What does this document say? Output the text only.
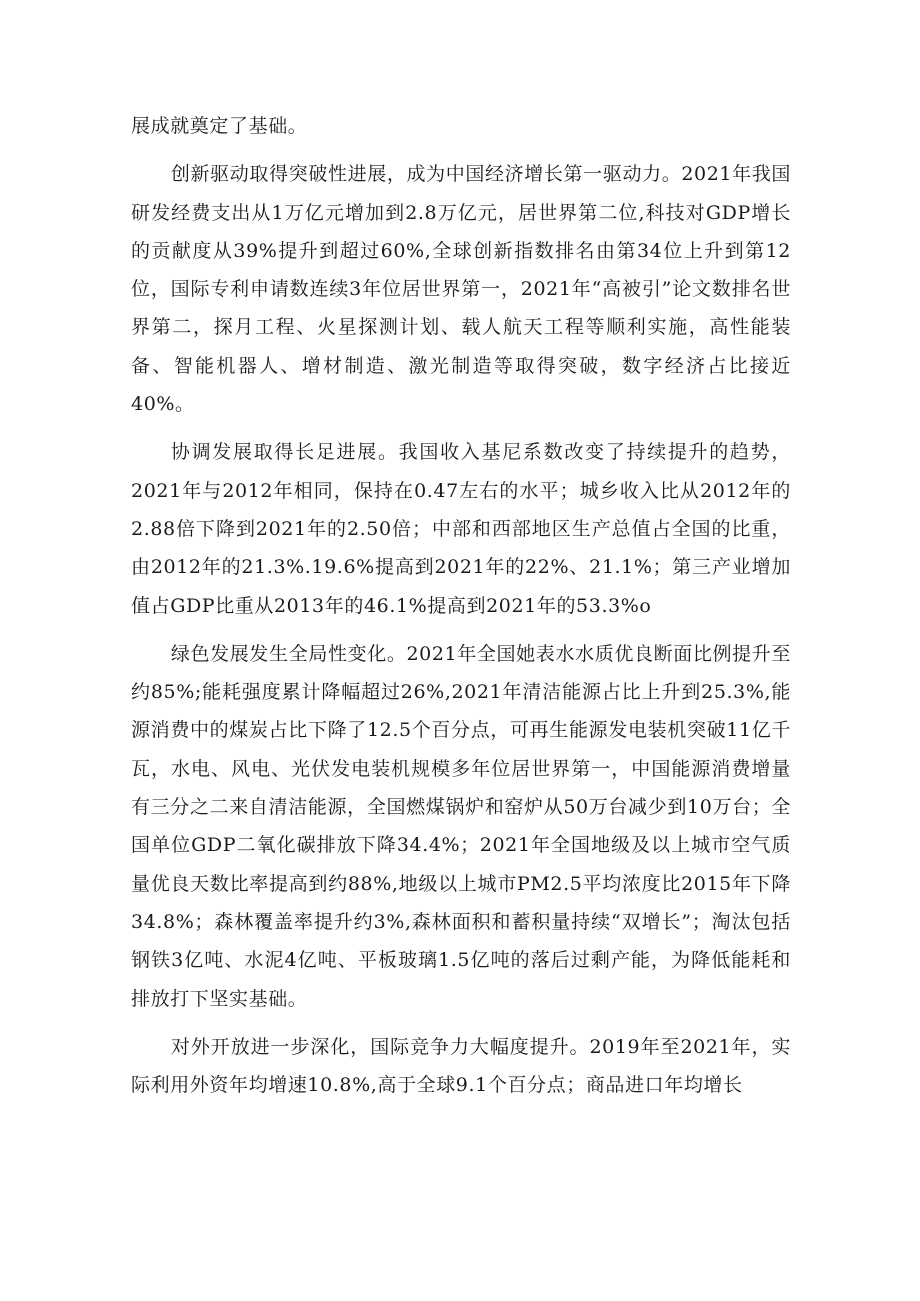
展成就奠定了基础。

创新驱动取得突破性进展，成为中国经济增长第一驱动力。2021年我国研发经费支出从1万亿元增加到2.8万亿元，居世界第二位,科技对GDP增长的贡献度从39%提升到超过60%,全球创新指数排名由第34位上升到第12位，国际专利申请数连续3年位居世界第一，2021年“高被引”论文数排名世界第二，探月工程、火星探测计划、载人航天工程等顺利实施，高性能装备、智能机器人、增材制造、激光制造等取得突破，数字经济占比接近40%。

协调发展取得长足进展。我国收入基尼系数改变了持续提升的趋势，2021年与2012年相同，保持在0.47左右的水平；城乡收入比从2012年的2.88倍下降到2021年的2.50倍；中部和西部地区生产总值占全国的比重，由2012年的21.3%.19.6%提高到2021年的22%、21.1%；第三产业增加值占GDP比重从2013年的46.1%提高到2021年的53.3%o

绿色发展发生全局性变化。2021年全国她表水水质优良断面比例提升至约85%;能耗强度累计降幅超过26%,2021年清洁能源占比上升到25.3%,能源消费中的煤炭占比下降了12.5个百分点，可再生能源发电装机突破11亿千瓦，水电、风电、光伏发电装机规模多年位居世界第一，中国能源消费增量有三分之二来自清洁能源，全国燃煤锅炉和窑炉从50万台减少到10万台；全国单位GDP二氧化碳排放下降34.4%；2021年全国地级及以上城市空气质量优良天数比率提高到约88%,地级以上城市PM2.5平均浓度比2015年下降34.8%；森林覆盖率提升约3%,森林面积和蓄积量持续“双增长”；淘汰包括钢铁3亿吨、水泥4亿吨、平板玻璃1.5亿吨的落后过剩产能，为降低能耗和排放打下坚实基础。

对外开放进一步深化，国际竞争力大幅度提升。2019年至2021年，实际利用外资年均增速10.8%,高于全球9.1个百分点；商品进口年均增长
